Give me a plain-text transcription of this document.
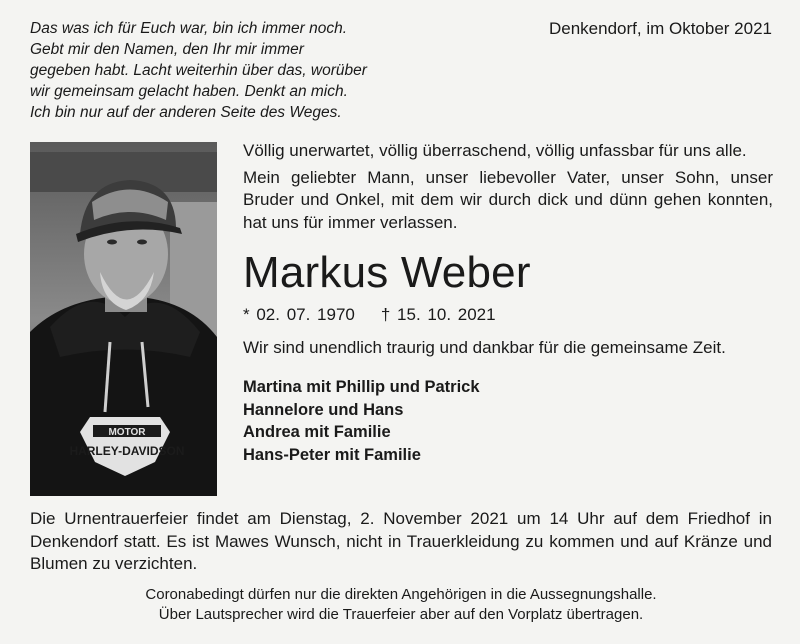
Das was ich für Euch war, bin ich immer noch.
Gebt mir den Namen, den Ihr mir immer
gegeben habt. Lacht weiterhin über das, worüber
wir gemeinsam gelacht haben. Denkt an mich.
Ich bin nur auf der anderen Seite des Weges.
Denkendorf, im Oktober 2021
MOTOR
HARLEY-DAVIDSON
Völlig unerwartet, völlig überraschend, völlig unfassbar für uns alle.
Mein geliebter Mann, unser liebevoller Vater, unser Sohn, unser Bruder und Onkel, mit dem wir durch dick und dünn gehen konnten, hat uns für immer verlassen.
Markus Weber
* 02. 07. 1970 † 15. 10. 2021
Wir sind unendlich traurig und dankbar für die gemeinsame Zeit.
Martina mit Phillip und Patrick
Hannelore und Hans
Andrea mit Familie
Hans-Peter mit Familie
Die Urnentrauerfeier findet am Dienstag, 2. November 2021 um 14 Uhr auf dem Friedhof in Denkendorf statt. Es ist Mawes Wunsch, nicht in Trauerkleidung zu kommen und auf Kränze und Blumen zu verzichten.
Coronabedingt dürfen nur die direkten Angehörigen in die Aussegnungshalle.
Über Lautsprecher wird die Trauerfeier aber auf den Vorplatz übertragen.
